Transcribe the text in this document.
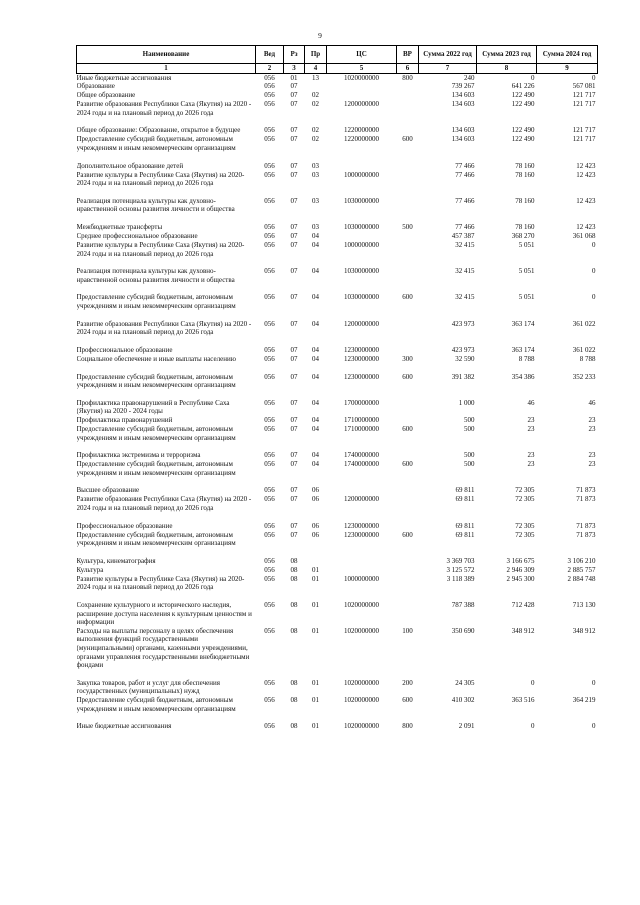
9
Наименование	Вед	Рз	Пр	ЦС	ВР	Сумма 2022 год	Сумма 2023 год	Сумма 2024 год
1	2	3	4	5	6	7	8	9
Иные бюджетные ассигнования	056	01	13	1020000000	800	240	0	0
Образование	056	07				739 267	641 226	567 081
Общее образование	056	07	02			134 603	122 490	121 717
Развитие образования Республики Саха (Якутия) на 2020 - 2024 годы и на плановый период до 2026 года	056	07	02	1200000000		134 603	122 490	121 717

Общее образование: Образование, открытое в будущее	056	07	02	1220000000		134 603	122 490	121 717
Предоставление субсидий бюджетным, автономным учреждениям и иным некоммерческим организациям	056	07	02	1220000000	600	134 603	122 490	121 717

Дополнительное образование детей	056	07	03			77 466	78 160	12 423
Развитие культуры в Республике Саха (Якутия) на 2020-2024 годы и на плановый период до 2026 года	056	07	03	1000000000		77 466	78 160	12 423

Реализация потенциала культуры как духовно-нравственной основы развития личности и общества	056	07	03	1030000000		77 466	78 160	12 423

Межбюджетные трансферты	056	07	03	1030000000	500	77 466	78 160	12 423
Среднее профессиональное образование	056	07	04			457 387	368 270	361 068
Развитие культуры в Республике Саха (Якутия) на 2020-2024 годы и на плановый период до 2026 года	056	07	04	1000000000		32 415	5 051	0

Реализация потенциала культуры как духовно-нравственной основы развития личности и общества	056	07	04	1030000000		32 415	5 051	0

Предоставление субсидий бюджетным, автономным учреждениям и иным некоммерческим организациям	056	07	04	1030000000	600	32 415	5 051	0

Развитие образования Республики Саха (Якутия) на 2020 - 2024 годы и на плановый период до 2026 года	056	07	04	1200000000		423 973	363 174	361 022

Профессиональное образование	056	07	04	1230000000		423 973	363 174	361 022
Социальное обеспечение и иные выплаты населению	056	07	04	1230000000	300	32 590	8 788	8 788

Предоставление субсидий бюджетным, автономным учреждениям и иным некоммерческим организациям	056	07	04	1230000000	600	391 382	354 386	352 233

Профилактика правонарушений в Республике Саха (Якутия) на 2020 - 2024 годы	056	07	04	1700000000		1 000	46	46
Профилактика правонарушений	056	07	04	1710000000		500	23	23
Предоставление субсидий бюджетным, автономным учреждениям и иным некоммерческим организациям	056	07	04	1710000000	600	500	23	23

Профилактика экстремизма и терроризма	056	07	04	1740000000		500	23	23
Предоставление субсидий бюджетным, автономным учреждениям и иным некоммерческим организациям	056	07	04	1740000000	600	500	23	23

Высшее образование	056	07	06			69 811	72 305	71 873
Развитие образования Республики Саха (Якутия) на 2020 - 2024 годы и на плановый период до 2026 года	056	07	06	1200000000		69 811	72 305	71 873

Профессиональное образование	056	07	06	1230000000		69 811	72 305	71 873
Предоставление субсидий бюджетным, автономным учреждениям и иным некоммерческим организациям	056	07	06	1230000000	600	69 811	72 305	71 873

Культура, кинематография	056	08				3 369 703	3 166 675	3 106 210
Культура	056	08	01			3 125 572	2 946 309	2 885 757
Развитие культуры в Республике Саха (Якутия) на 2020-2024 годы и на плановый период до 2026 года	056	08	01	1000000000		3 118 389	2 945 300	2 884 748

Сохранение культурного и исторического наследия, расширение доступа населения к культурным ценностям и информации	056	08	01	1020000000		787 388	712 428	713 130
Расходы на выплаты персоналу в целях обеспечения выполнения функций государственными (муниципальными) органами, казенными учреждениями, органами управления государственными внебюджетными фондами	056	08	01	1020000000	100	350 690	348 912	348 912

Закупка товаров, работ и услуг для обеспечения государственных (муниципальных) нужд	056	08	01	1020000000	200	24 305	0	0
Предоставление субсидий бюджетным, автономным учреждениям и иным некоммерческим организациям	056	08	01	1020000000	600	410 302	363 516	364 219

Иные бюджетные ассигнования	056	08	01	1020000000	800	2 091	0	0
